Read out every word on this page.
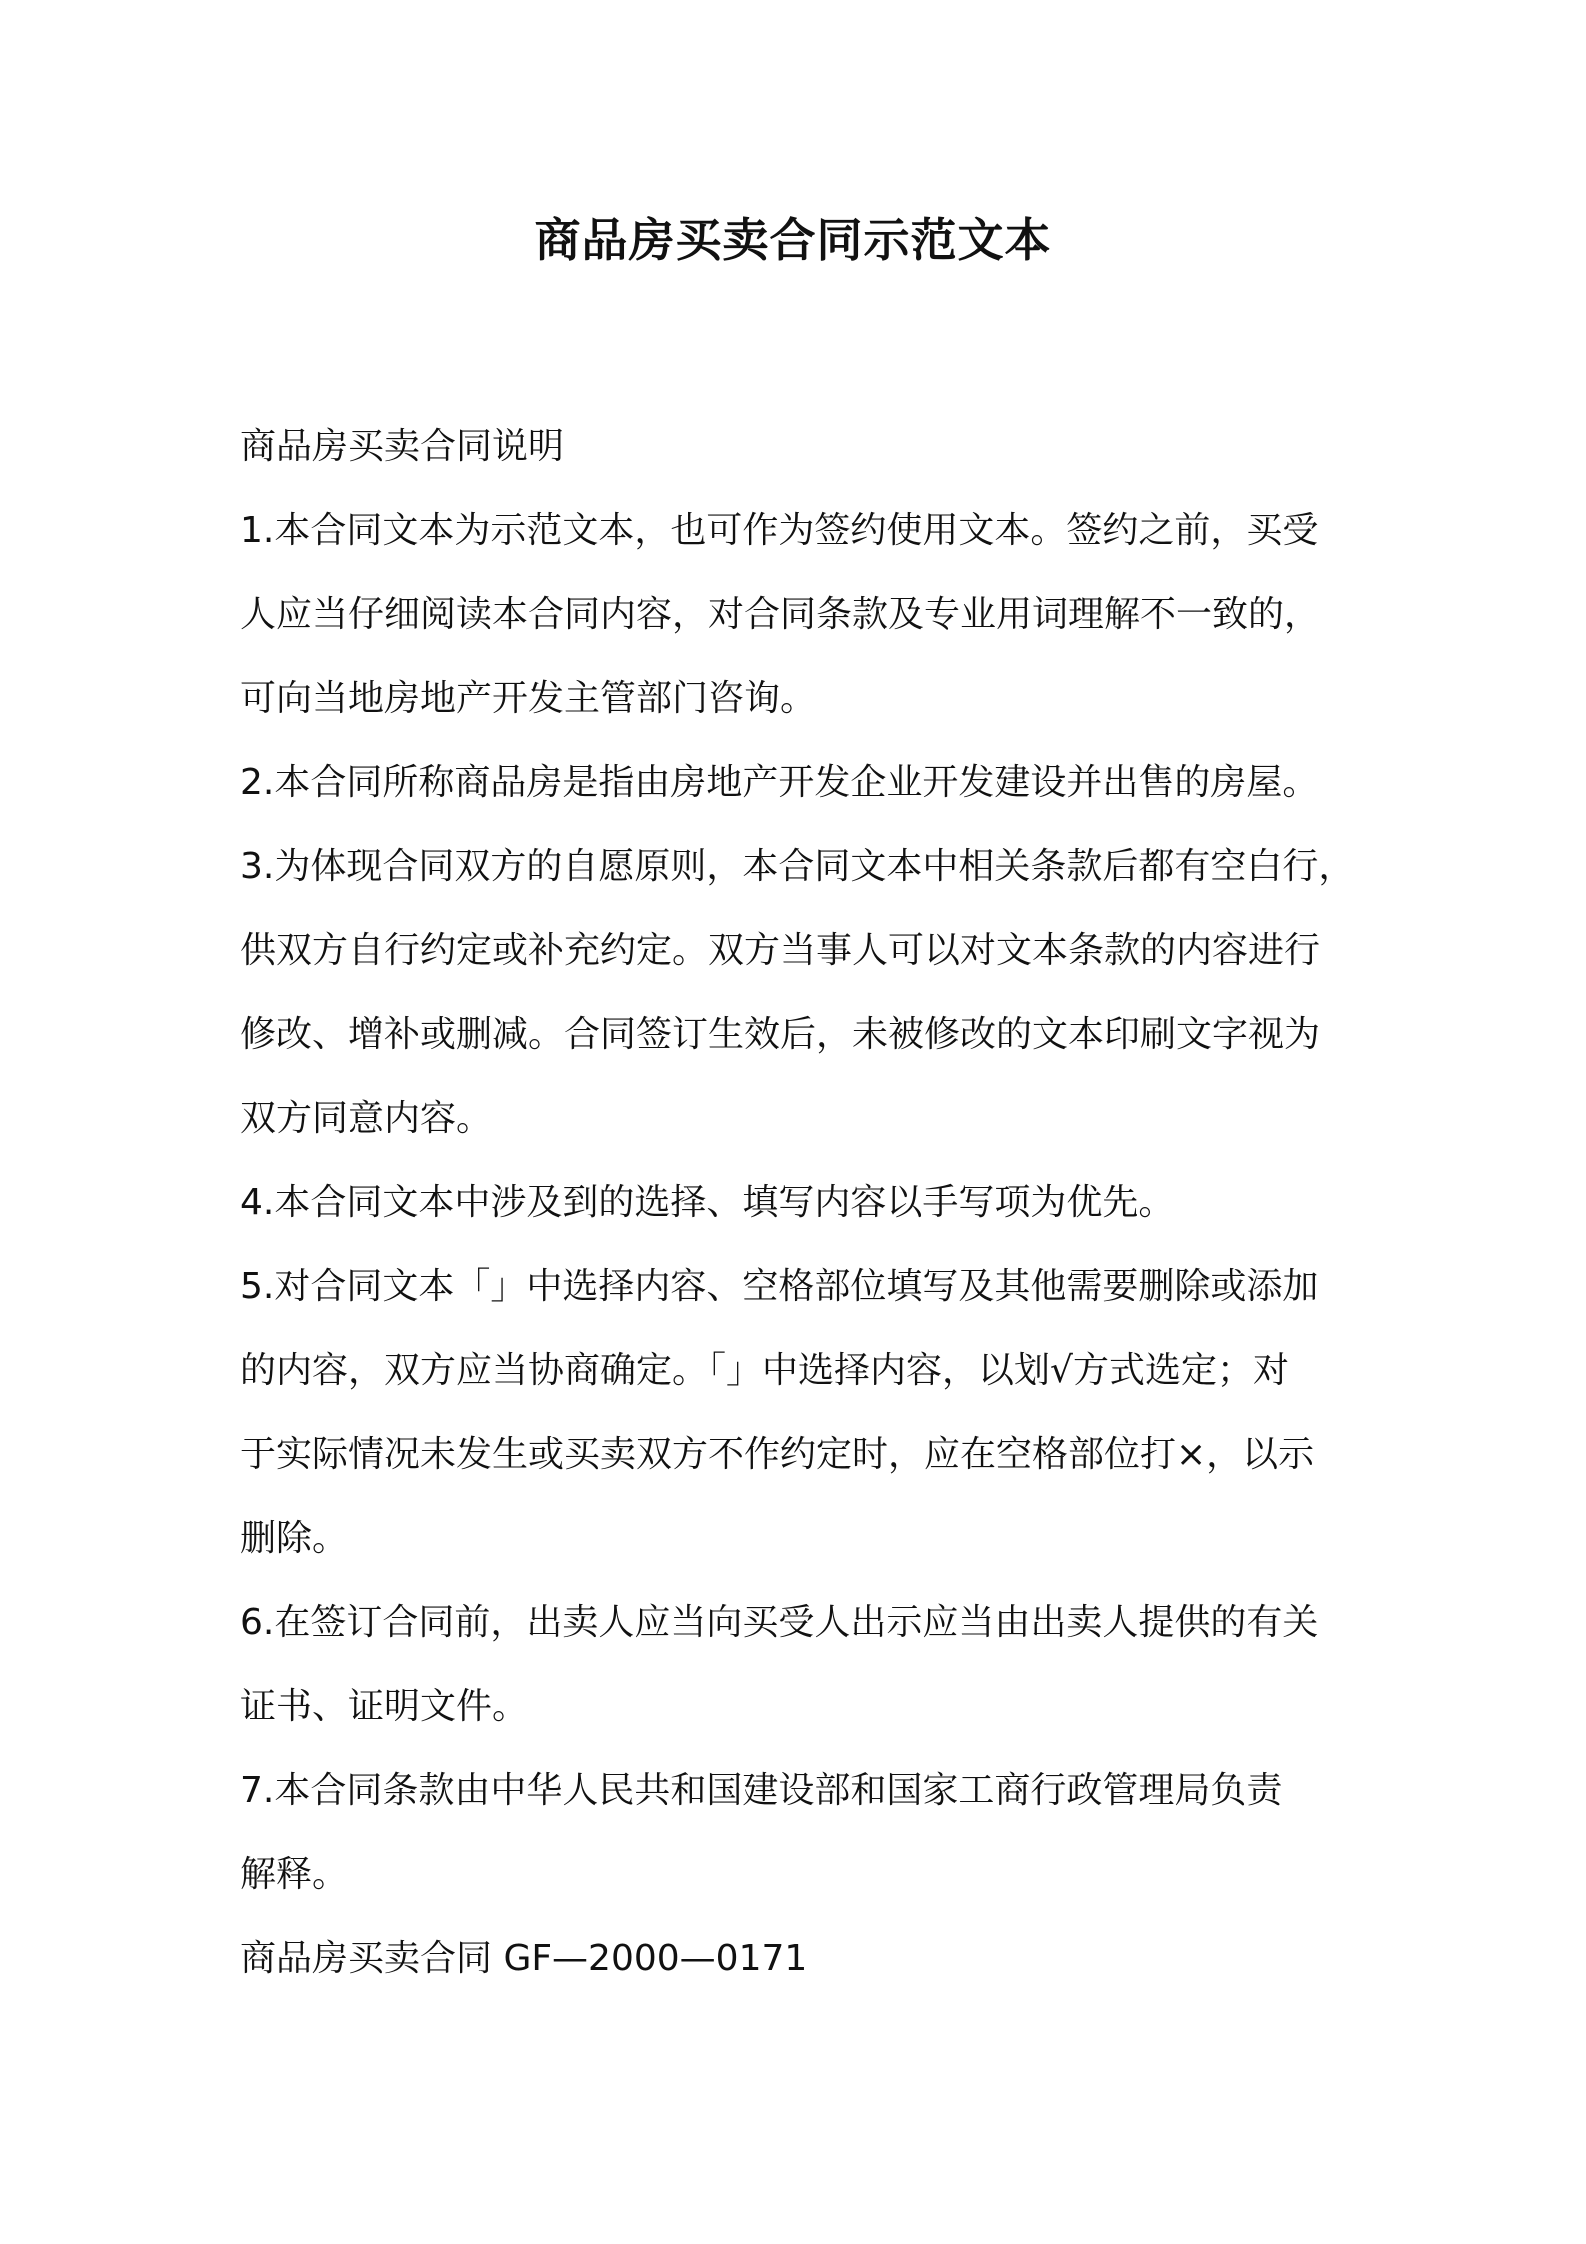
商品房买卖合同示范文本
商品房买卖合同说明
1.本合同文本为示范文本，也可作为签约使用文本。签约之前，买受
人应当仔细阅读本合同内容，对合同条款及专业用词理解不一致的，
可向当地房地产开发主管部门咨询。
2.本合同所称商品房是指由房地产开发企业开发建设并出售的房屋。
3.为体现合同双方的自愿原则，本合同文本中相关条款后都有空白行，
供双方自行约定或补充约定。双方当事人可以对文本条款的内容进行
修改、增补或删减。合同签订生效后，未被修改的文本印刷文字视为
双方同意内容。
4.本合同文本中涉及到的选择、填写内容以手写项为优先。
5.对合同文本「」中选择内容、空格部位填写及其他需要删除或添加
的内容，双方应当协商确定。「」中选择内容，以划√方式选定；对
于实际情况未发生或买卖双方不作约定时，应在空格部位打×，以示
删除。
6.在签订合同前，出卖人应当向买受人出示应当由出卖人提供的有关
证书、证明文件。
7.本合同条款由中华人民共和国建设部和国家工商行政管理局负责
解释。
商品房买卖合同 GF—2000—0171
